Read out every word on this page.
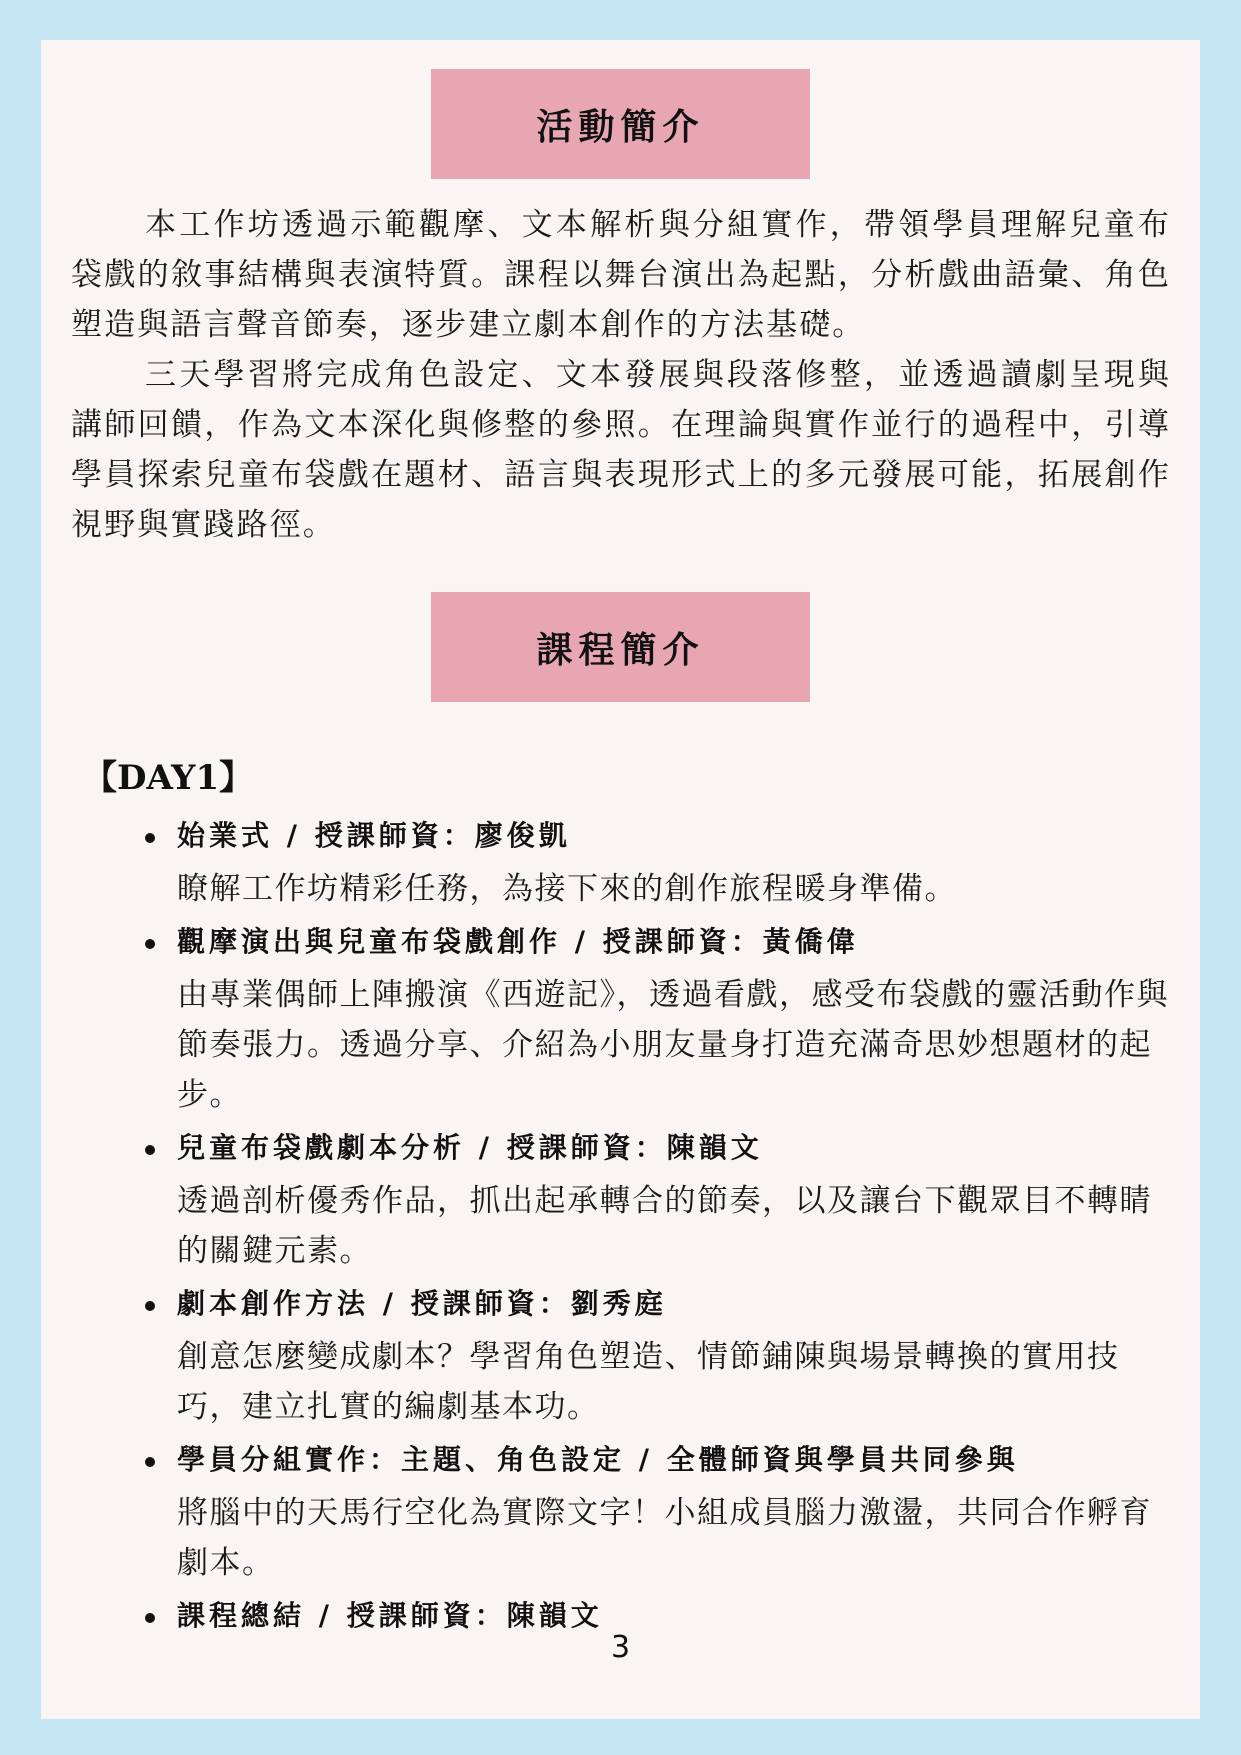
活動簡介

本工作坊透過示範觀摩、文本解析與分組實作，帶領學員理解兒童布袋戲的敘事結構與表演特質。課程以舞台演出為起點，分析戲曲語彙、角色塑造與語言聲音節奏，逐步建立劇本創作的方法基礎。

三天學習將完成角色設定、文本發展與段落修整，並透過讀劇呈現與講師回饋，作為文本深化與修整的參照。在理論與實作並行的過程中，引導學員探索兒童布袋戲在題材、語言與表現形式上的多元發展可能，拓展創作視野與實踐路徑。

課程簡介
【DAY1】
始業式 / 授課師資：廖俊凱
瞭解工作坊精彩任務，為接下來的創作旅程暖身準備。
觀摩演出與兒童布袋戲創作 / 授課師資：黃僑偉
由專業偶師上陣搬演《西遊記》，透過看戲，感受布袋戲的靈活動作與節奏張力。透過分享、介紹為小朋友量身打造充滿奇思妙想題材的起步。
兒童布袋戲劇本分析 / 授課師資：陳韻文
透過剖析優秀作品，抓出起承轉合的節奏，以及讓台下觀眾目不轉睛的關鍵元素。
劇本創作方法 / 授課師資：劉秀庭
創意怎麼變成劇本？學習角色塑造、情節鋪陳與場景轉換的實用技巧，建立扎實的編劇基本功。
學員分組實作：主題、角色設定 / 全體師資與學員共同參與
將腦中的天馬行空化為實際文字！小組成員腦力激盪，共同合作孵育劇本。
課程總結 / 授課師資：陳韻文
3
